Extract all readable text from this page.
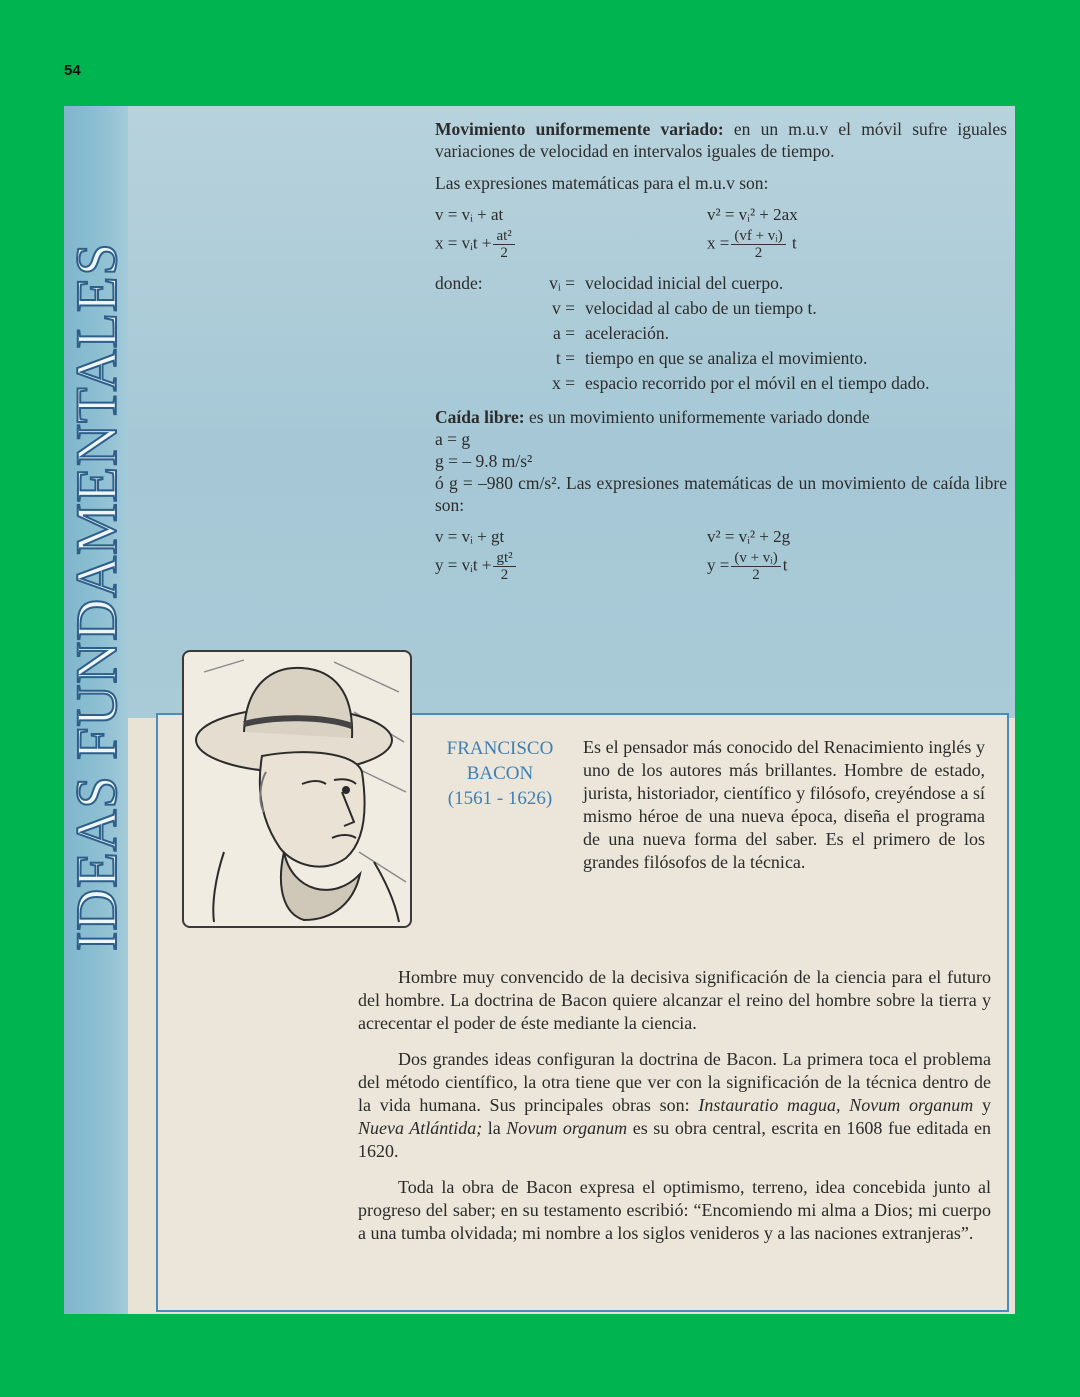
54
IDEAS FUNDAMENTALES

Movimiento uniformemente variado: en un m.u.v el móvil sufre iguales variaciones de velocidad en intervalos iguales de tiempo.

Las expresiones matemáticas para el m.u.v son:

v = vᵢ + at	v² = vᵢ² + 2ax
x = vᵢt + $\frac{\text{at²}}{2}$	$x = \frac{\text{(vf + vᵢ)}}{2}$ t
donde:	vᵢ = velocidad inicial del cuerpo.
v = velocidad al cabo de un tiempo t.
a = aceleración.
t = tiempo en que se analiza el movimiento.
x = espacio recorrido por el móvil en el tiempo dado.

Caída libre: es un movimiento uniformemente variado donde

a = g
g = – 9.8 m/s²

ó g = –980 cm/s². Las expresiones matemáticas de un movimiento de caída libre son:

v = vᵢ + gt	v² = vᵢ² + 2g
y = vᵢt + $\frac{\text{gt²}}{2}$	$y = \frac{\text{(v + vᵢ)}}{2}$ t
FRANCISCO
BACON
(1561 - 1626)
Es el pensador más conocido del Renacimiento inglés y uno de los autores más brillantes. Hombre de estado, jurista, historiador, científico y filósofo, creyéndose a sí mismo héroe de una nueva época, diseña el programa de una nueva forma del saber. Es el primero de los grandes filósofos de la técnica.

Hombre muy convencido de la decisiva significación de la ciencia para el futuro del hombre. La doctrina de Bacon quiere alcanzar el reino del hombre sobre la tierra y acrecentar el poder de éste mediante la ciencia.

Dos grandes ideas configuran la doctrina de Bacon. La primera toca el problema del método científico, la otra tiene que ver con la significación de la técnica dentro de la vida humana. Sus principales obras son: Instauratio magua, Novum organum y Nueva Atlántida; la Novum organum es su obra central, escrita en 1608 fue editada en 1620.

Toda la obra de Bacon expresa el optimismo, terreno, idea concebida junto al progreso del saber; en su testamento escribió: “Encomiendo mi alma a Dios; mi cuerpo a una tumba olvidada; mi nombre a los siglos venideros y a las naciones extranjeras”.
